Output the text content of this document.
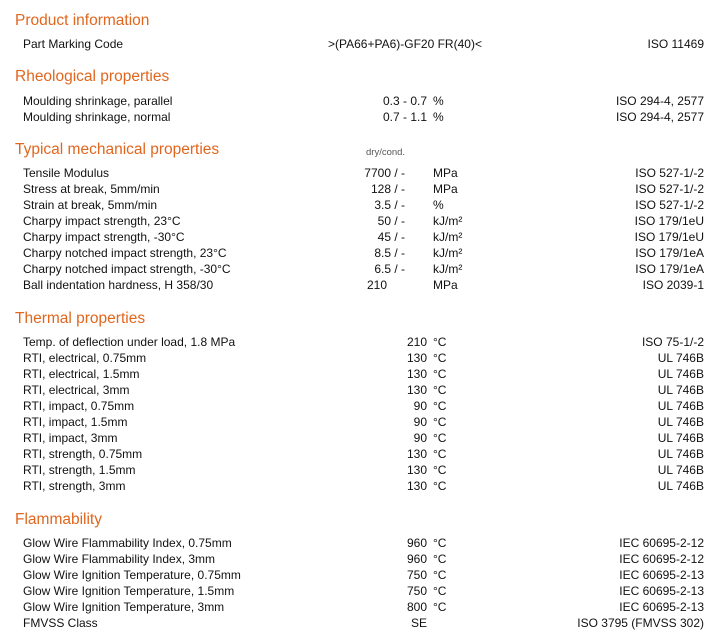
Product information
Part Marking Code	>(PA66+PA6)-GF20 FR(40)<	ISO 11469
Rheological properties
Moulding shrinkage, parallel	0.3 - 0.7 %	ISO 294-4, 2577
Moulding shrinkage, normal	0.7 - 1.1 %	ISO 294-4, 2577
Typical mechanical properties	dry/cond.
Tensile Modulus	7700 / - MPa	ISO 527-1/-2
Stress at break, 5mm/min	128 / - MPa	ISO 527-1/-2
Strain at break, 5mm/min	3.5 / - %	ISO 527-1/-2
Charpy impact strength, 23°C	50 / - kJ/m²	ISO 179/1eU
Charpy impact strength, -30°C	45 / - kJ/m²	ISO 179/1eU
Charpy notched impact strength, 23°C	8.5 / - kJ/m²	ISO 179/1eA
Charpy notched impact strength, -30°C	6.5 / - kJ/m²	ISO 179/1eA
Ball indentation hardness, H 358/30	210	MPa	ISO 2039-1
Thermal properties
Temp. of deflection under load, 1.8 MPa	210 °C	ISO 75-1/-2
RTI, electrical, 0.75mm	130 °C	UL 746B
RTI, electrical, 1.5mm	130 °C	UL 746B
RTI, electrical, 3mm	130 °C	UL 746B
RTI, impact, 0.75mm	90 °C	UL 746B
RTI, impact, 1.5mm	90 °C	UL 746B
RTI, impact, 3mm	90 °C	UL 746B
RTI, strength, 0.75mm	130 °C	UL 746B
RTI, strength, 1.5mm	130 °C	UL 746B
RTI, strength, 3mm	130 °C	UL 746B
Flammability
Glow Wire Flammability Index, 0.75mm	960 °C	IEC 60695-2-12
Glow Wire Flammability Index, 3mm	960 °C	IEC 60695-2-12
Glow Wire Ignition Temperature, 0.75mm	750 °C	IEC 60695-2-13
Glow Wire Ignition Temperature, 1.5mm	750 °C	IEC 60695-2-13
Glow Wire Ignition Temperature, 3mm	800 °C	IEC 60695-2-13
FMVSS Class	SE	ISO 3795 (FMVSS 302)
